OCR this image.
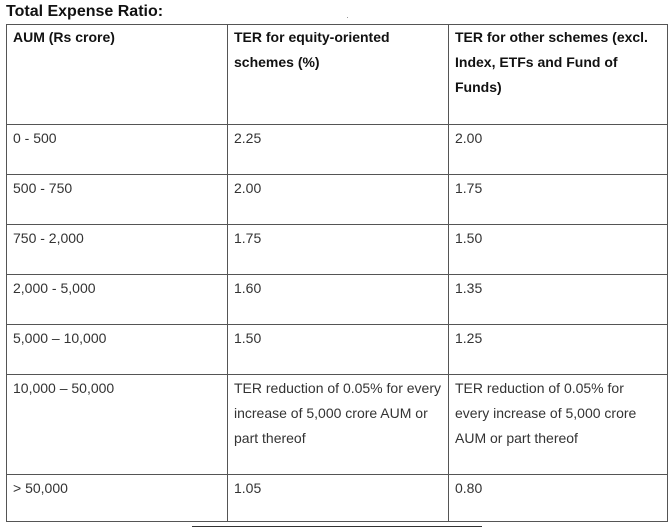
Total Expense Ratio:
AUM (Rs crore)	TER for equity-oriented schemes (%)	TER for other schemes (excl. Index, ETFs and Fund of Funds)
0 - 500	2.25	2.00
500 - 750	2.00	1.75
750 - 2,000	1.75	1.50
2,000 - 5,000	1.60	1.35
5,000 – 10,000	1.50	1.25
10,000 – 50,000	TER reduction of 0.05% for every increase of 5,000 crore AUM or part thereof	TER reduction of 0.05% for every increase of 5,000 crore AUM or part thereof
> 50,000	1.05	0.80
